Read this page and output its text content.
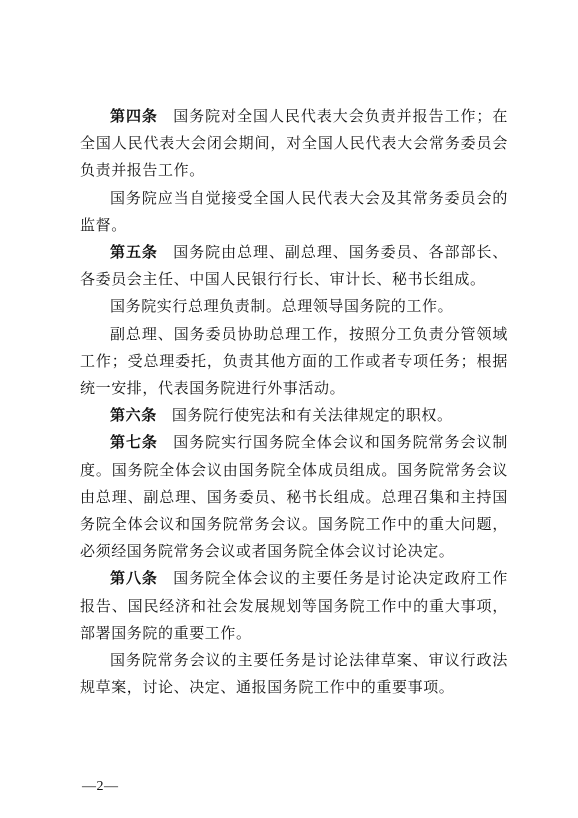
第四条 国务院对全国人民代表大会负责并报告工作；在全国人民代表大会闭会期间，对全国人民代表大会常务委员会负责并报告工作。

国务院应当自觉接受全国人民代表大会及其常务委员会的监督。

第五条 国务院由总理、副总理、国务委员、各部部长、各委员会主任、中国人民银行行长、审计长、秘书长组成。

国务院实行总理负责制。总理领导国务院的工作。

副总理、国务委员协助总理工作，按照分工负责分管领域工作；受总理委托，负责其他方面的工作或者专项任务；根据统一安排，代表国务院进行外事活动。

第六条 国务院行使宪法和有关法律规定的职权。

第七条 国务院实行国务院全体会议和国务院常务会议制度。国务院全体会议由国务院全体成员组成。国务院常务会议由总理、副总理、国务委员、秘书长组成。总理召集和主持国务院全体会议和国务院常务会议。国务院工作中的重大问题，必须经国务院常务会议或者国务院全体会议讨论决定。

第八条 国务院全体会议的主要任务是讨论决定政府工作报告、国民经济和社会发展规划等国务院工作中的重大事项，部署国务院的重要工作。

国务院常务会议的主要任务是讨论法律草案、审议行政法规草案，讨论、决定、通报国务院工作中的重要事项。

—2—
